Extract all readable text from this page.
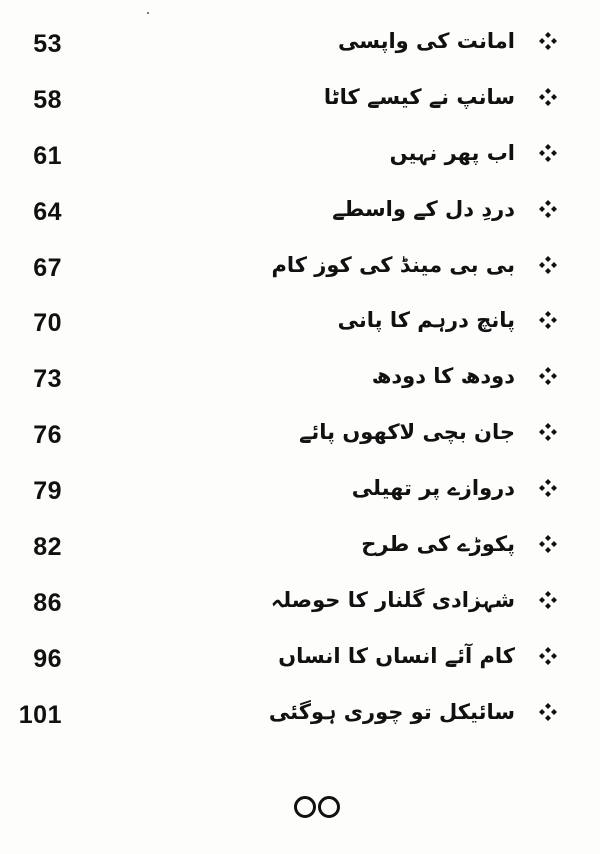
53	امانت کی واپسی
58	سانپ نے کیسے کاٹا
61	اب پھر نہیں
64	دردِ دل کے واسطے
67	بی بی مینڈ کی کوز کام
70	پانچ درہم کا پانی
73	دودھ کا دودھ
76	جان بچی لاکھوں پائے
79	دروازے پر تھیلی
82	پکوڑے کی طرح
86	شہزادی گلنار کا حوصلہ
96	کام آئے انساں کا انساں
101	سائیکل تو چوری ہوگئی
